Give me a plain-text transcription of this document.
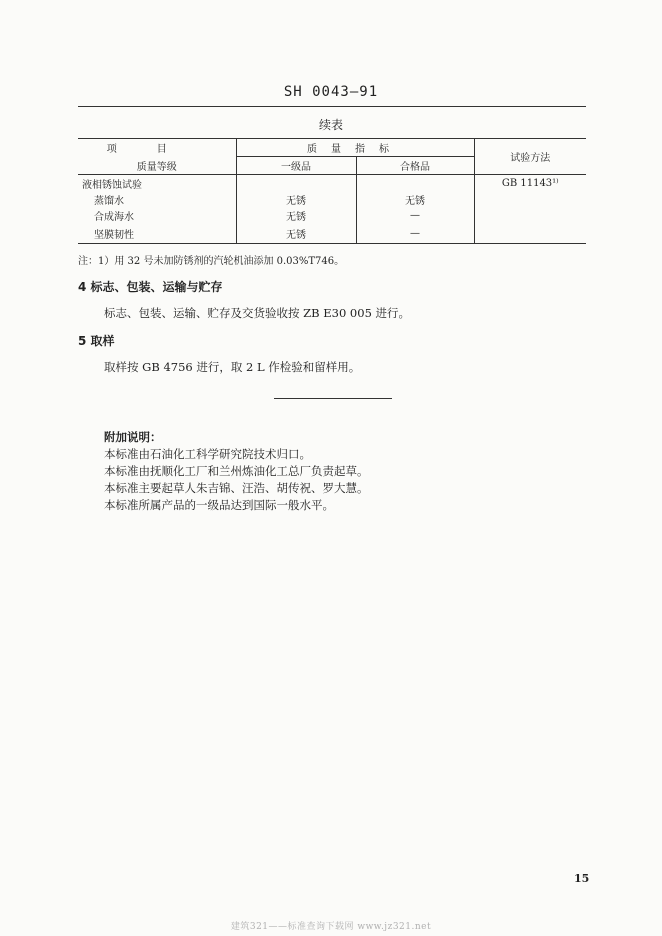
SH 0043—91
续表
项目	质量指标		试验方法
质量等级	一级品	合格品	
液相锈蚀试验			GB 11143¹⁾
蒸馏水	无锈	无锈	
合成海水	无锈	—	
坚膜韧性	无锈	—	
注：1）用 32 号未加防锈剂的汽轮机油添加 0.03%T746。
4 标志、包装、运输与贮存
标志、包装、运输、贮存及交货验收按 ZB E30 005 进行。
5 取样
取样按 GB 4756 进行，取 2 L 作检验和留样用。
附加说明：
本标准由石油化工科学研究院技术归口。
本标准由抚顺化工厂和兰州炼油化工总厂负责起草。
本标准主要起草人朱吉锦、汪浩、胡传祝、罗大慧。
本标准所属产品的一级品达到国际一般水平。
15
建筑321——标准查询下载网 www.jz321.net
